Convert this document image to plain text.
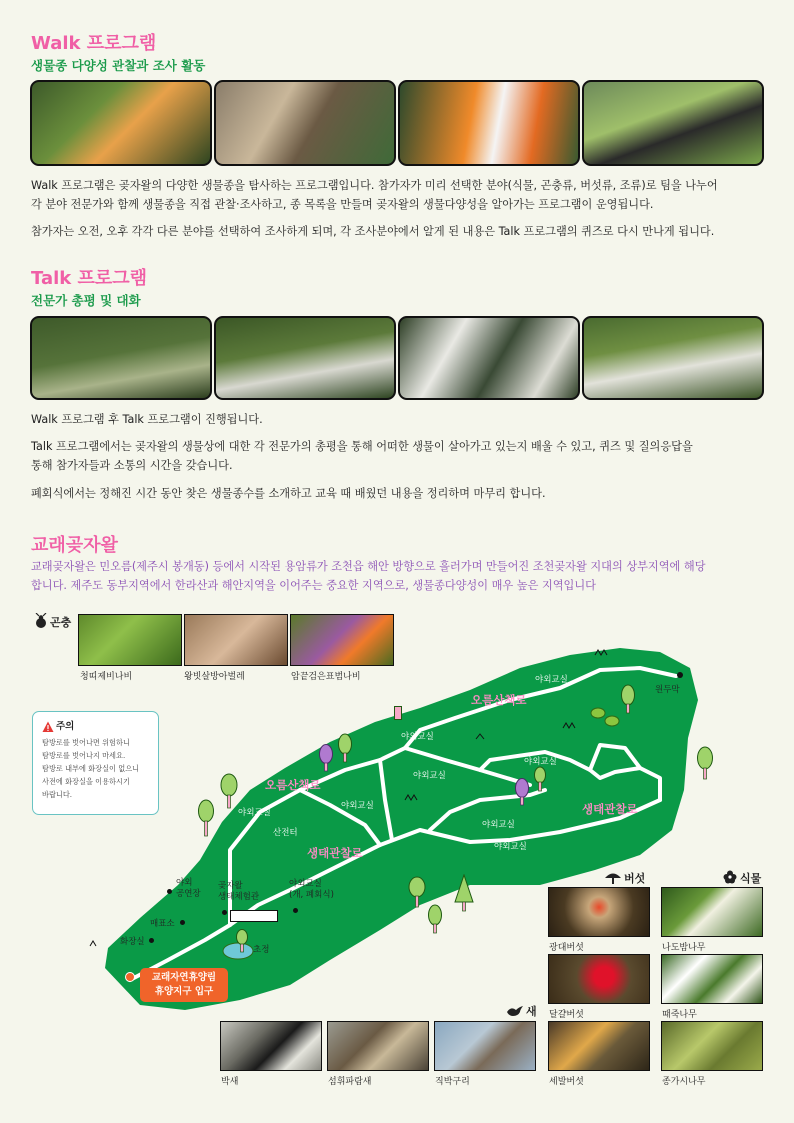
Walk 프로그램
생물종 다양성 관찰과 조사 활동
Walk 프로그램은 곶자왈의 다양한 생물종을 탐사하는 프로그램입니다. 참가자가 미리 선택한 분야(식물, 곤충류, 버섯류, 조류)로 팀을 나누어
각 분야 전문가와 함께 생물종을 직접 관찰·조사하고, 종 목록을 만들며 곶자왈의 생물다양성을 알아가는 프로그램이 운영됩니다.
참가자는 오전, 오후 각각 다른 분야를 선택하여 조사하게 되며, 각 조사분야에서 알게 된 내용은 Talk 프로그램의 퀴즈로 다시 만나게 됩니다.
Talk 프로그램
전문가 총평 및 대화
Walk 프로그램 후 Talk 프로그램이 진행됩니다.
Talk 프로그램에서는 곶자왈의 생물상에 대한 각 전문가의 총평을 통해 어떠한 생물이 살아가고 있는지 배울 수 있고, 퀴즈 및 질의응답을
통해 참가자들과 소통의 시간을 갖습니다.
폐회식에서는 정해진 시간 동안 찾은 생물종수를 소개하고 교육 때 배웠던 내용을 정리하며 마무리 합니다.
교래곶자왈
교래곶자왈은 민오름(제주시 봉개동) 등에서 시작된 용암류가 조천읍 해안 방향으로 흘러가며 만들어진 조천곶자왈 지대의 상부지역에 해당
합니다. 제주도 동부지역에서 한라산과 해안지역을 이어주는 중요한 지역으로, 생물종다양성이 매우 높은 지역입니다
곤충
청띠제비나비	왕빗살방아벌레	암끝검은표범나비
주의
탐방로를 벗어나면 위험하니
탐방로를 벗어나지 마세요.
탐방로 내부에 화장실이 없으니
사전에 화장실을 이용하시기
바랍니다.
원두막
야외교실
오름산책로
야외교실
야외교실
야외교실
오름산책로
야외교실
야외교실	생태관찰로
야외교실
산전터
야외교실
생태관찰로
야외
공연장
곶자왈
생태체험관
야외교실
(개, 폐회식)
매표소
화장실
초정
교래자연휴양림
휴양지구 입구
버섯
광대버섯
달걀버섯
세발버섯
식물
나도밤나무
때죽나무
종가시나무
새
박새	섬휘파람새	직박구리
